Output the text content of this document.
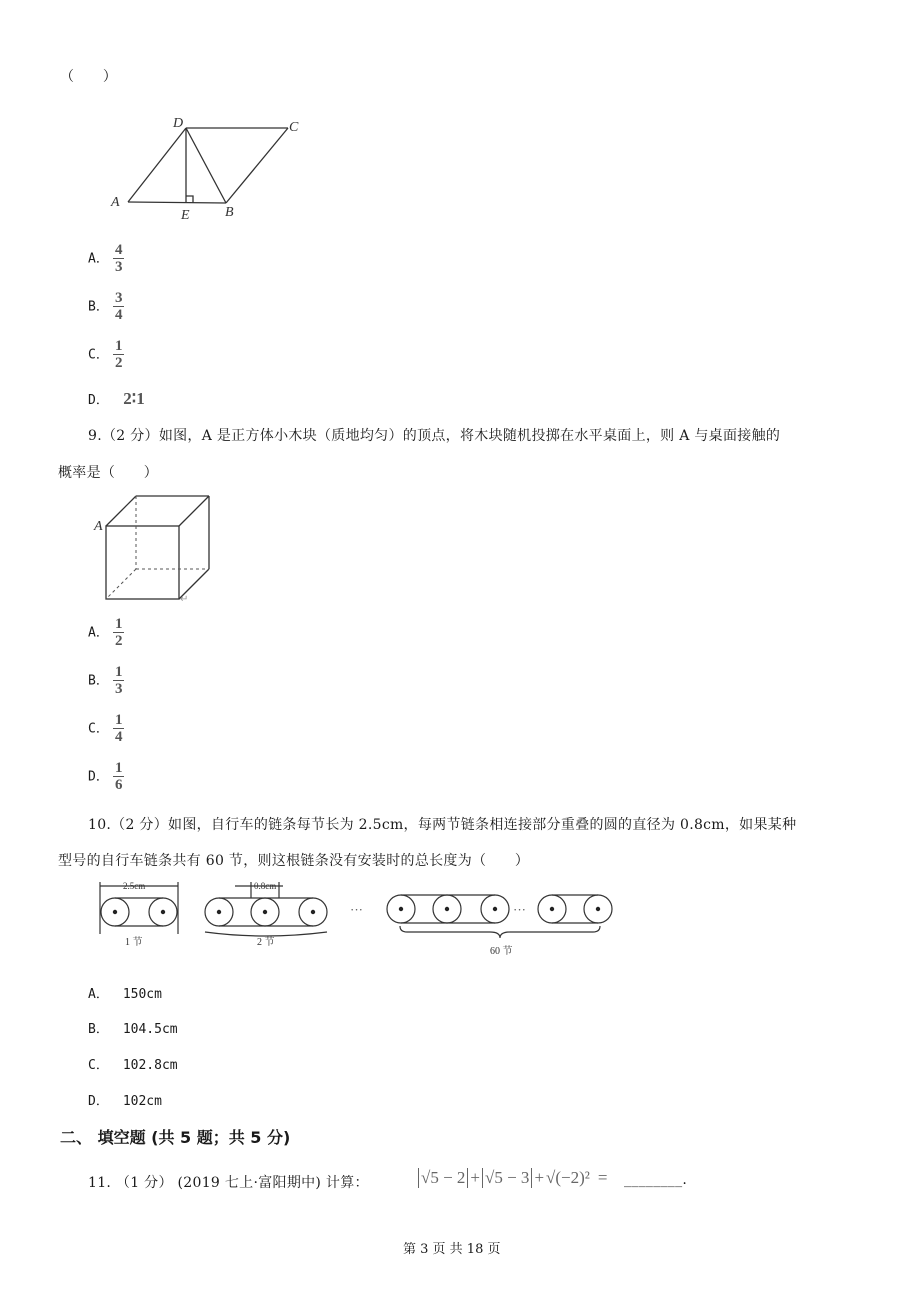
（　　）
D	C
A
E	B
A． $\frac{4}{3}$
B． $\frac{3}{4}$
C． $\frac{1}{2}$
D． 2∶1
9.（2 分）如图，A 是正方体小木块（质地均匀）的顶点，将木块随机投掷在水平桌面上，则 A 与桌面接触的
概率是（　　）
A
↵
A． $\frac{1}{2}$
B． $\frac{1}{3}$
C． $\frac{1}{4}$
D． $\frac{1}{6}$
10.（2 分）如图，自行车的链条每节长为 2.5cm，每两节链条相连接部分重叠的圆的直径为 0.8cm，如果某种
型号的自行车链条共有 60 节，则这根链条没有安装时的总长度为（　　）
2.5cm	0.8cm
1 节	2 节
···	···
60 节
A． 150cm
B． 104.5cm
C． 102.8cm
D． 102cm
二、 填空题 (共 5 题；共 5 分)
11. （1 分） (2019 七上·富阳期中) 计算：	√5 − 2 + √5 − 3 + √(−2)² = ________.
第 3 页 共 18 页
